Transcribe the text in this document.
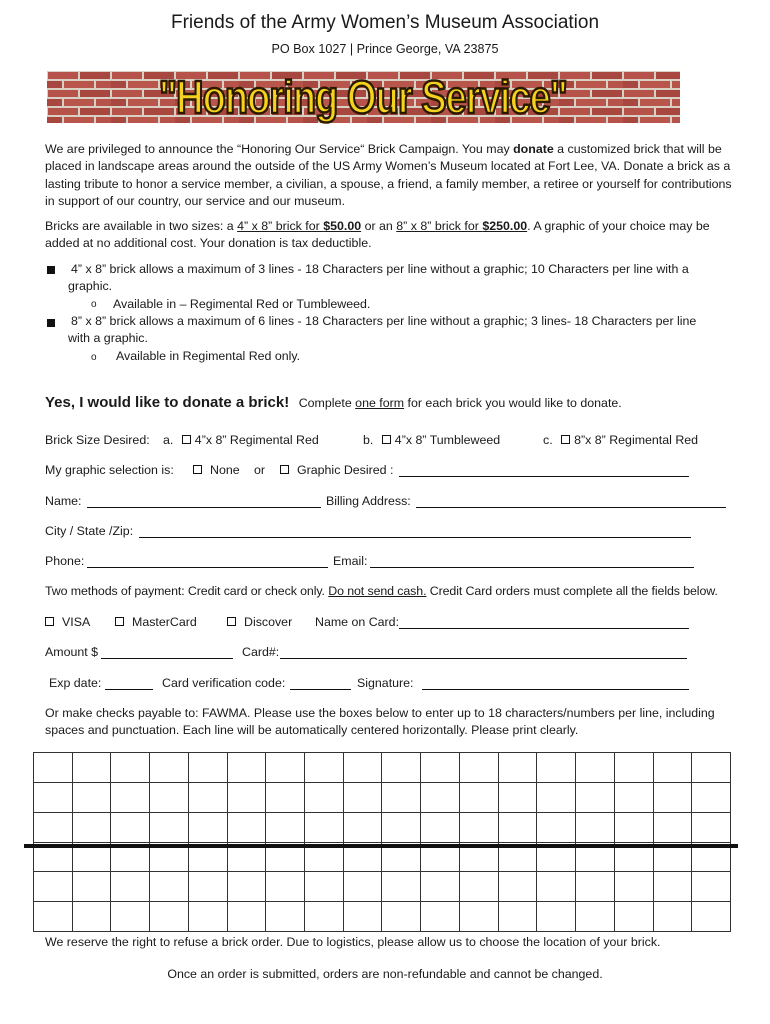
Friends of the Army Women’s Museum Association
PO Box 1027 | Prince George, VA 23875
"Honoring Our Service"
We are privileged to announce the “Honoring Our Service“ Brick Campaign. You may donate a customized brick that will be placed in landscape areas around the outside of the US Army Women’s Museum located at Fort Lee, VA. Donate a brick as a lasting tribute to honor a service member, a civilian, a spouse, a friend, a family member, a retiree or yourself for contributions in support of our country, our service and our museum.
Bricks are available in two sizes: a 4” x 8” brick for $50.00 or an 8” x 8” brick for $250.00. A graphic of your choice may be added at no additional cost. Your donation is tax deductible.
4” x 8” brick allows a maximum of 3 lines - 18 Characters per line without a graphic; 10 Characters per line with a
graphic.
o Available in – Regimental Red or Tumbleweed.
8” x 8” brick allows a maximum of 6 lines - 18 Characters per line without a graphic; 3 lines- 18 Characters per line
with a graphic.
o Available in Regimental Red only.
Yes, I would like to donate a brick! Complete one form for each brick you would like to donate.
Brick Size Desired: a. 4”x 8” Regimental Red	b. 4”x 8” Tumbleweed	c. 8”x 8” Regimental Red
My graphic selection is:	None or	Graphic Desired :
Name:	Billing Address:
City / State /Zip:
Phone:	Email:
Two methods of payment: Credit card or check only. Do not send cash. Credit Card orders must complete all the fields below.
VISA	MasterCard	Discover Name on Card:
Amount $	Card#:
Exp date:	Card verification code:	Signature:
Or make checks payable to: FAWMA. Please use the boxes below to enter up to 18 characters/numbers per line, including spaces and punctuation. Each line will be automatically centered horizontally. Please print clearly.
We reserve the right to refuse a brick order. Due to logistics, please allow us to choose the location of your brick.
Once an order is submitted, orders are non-refundable and cannot be changed.
